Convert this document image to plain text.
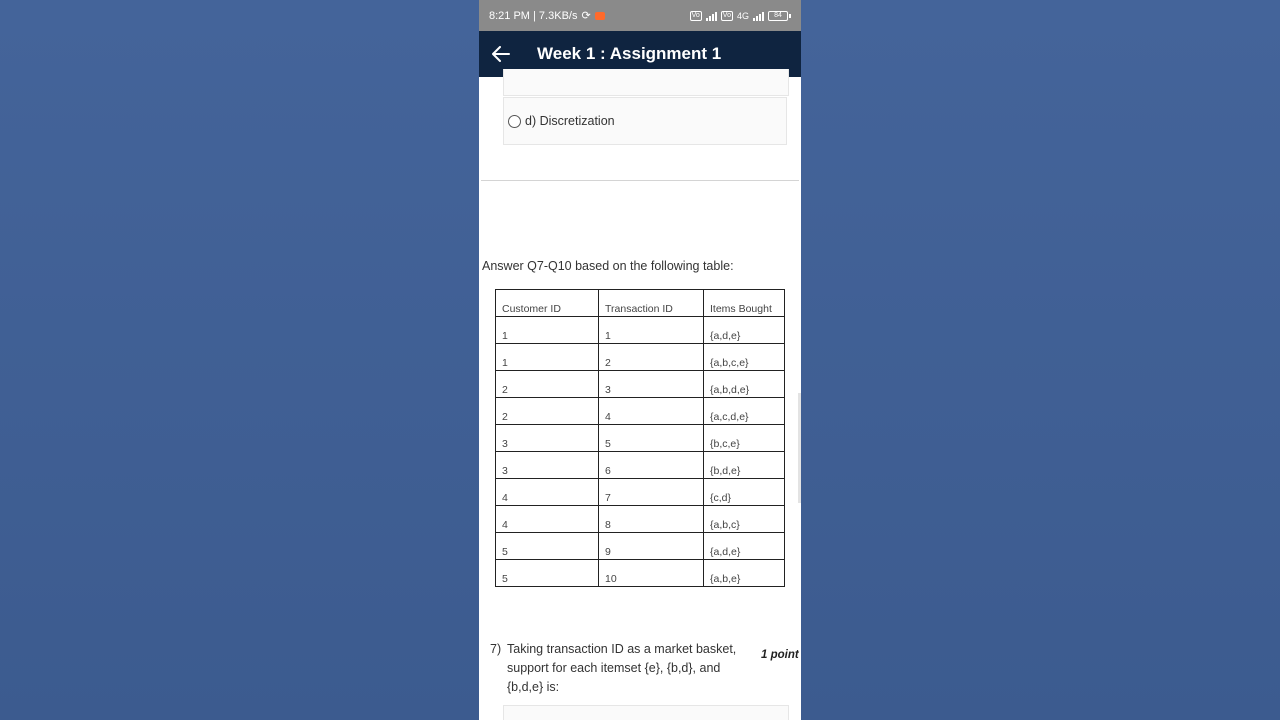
8:21 PM | 7.3KB/s ⟳	Vo	Vo 4G	84
Week 1 : Assignment 1
d) Discretization
Answer Q7-Q10 based on the following table:
Customer ID	Transaction ID	Items Bought
1	1	{a,d,e}
1	2	{a,b,c,e}
2	3	{a,b,d,e}
2	4	{a,c,d,e}
3	5	{b,c,e}
3	6	{b,d,e}
4	7	{c,d}
4	8	{a,b,c}
5	9	{a,d,e}
5	10	{a,b,e}
7) Taking transaction ID as a market basket, support for each itemset {e}, {b,d}, and {b,d,e} is:
1 point
